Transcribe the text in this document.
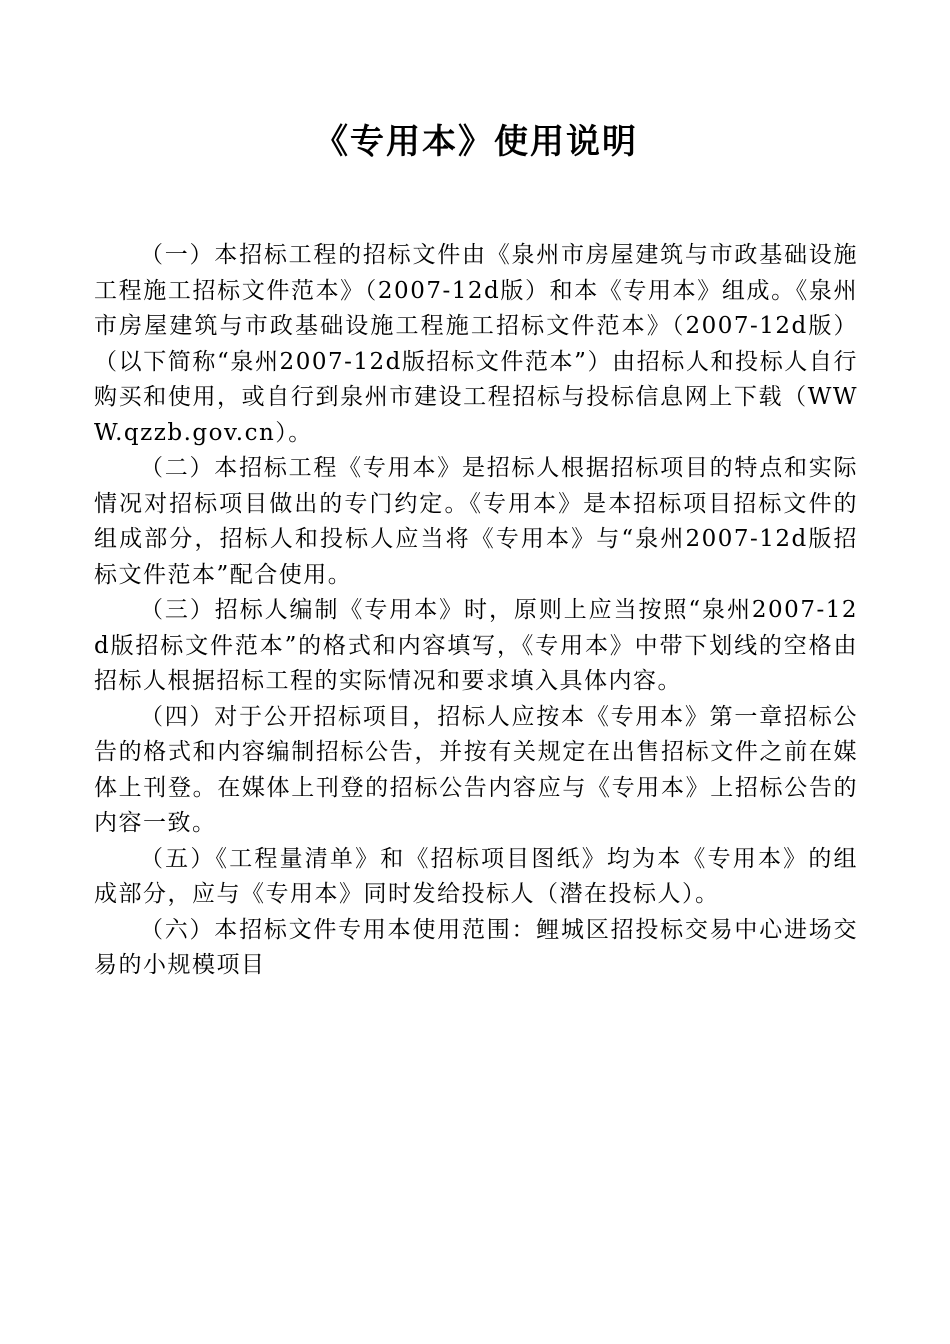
《专用本》使用说明

（一）本招标工程的招标文件由《泉州市房屋建筑与市政基础设施工程施工招标文件范本》（2007-12d版）和本《专用本》组成。《泉州市房屋建筑与市政基础设施工程施工招标文件范本》（2007-12d版）（以下简称“泉州2007-12d版招标文件范本”）由招标人和投标人自行购买和使用，或自行到泉州市建设工程招标与投标信息网上下载（WWW.qzzb.gov.cn）。

（二）本招标工程《专用本》是招标人根据招标项目的特点和实际情况对招标项目做出的专门约定。《专用本》是本招标项目招标文件的组成部分，招标人和投标人应当将《专用本》与“泉州2007-12d版招标文件范本”配合使用。

（三）招标人编制《专用本》时，原则上应当按照“泉州2007-12d版招标文件范本”的格式和内容填写，《专用本》中带下划线的空格由招标人根据招标工程的实际情况和要求填入具体内容。

（四）对于公开招标项目，招标人应按本《专用本》第一章招标公告的格式和内容编制招标公告，并按有关规定在出售招标文件之前在媒体上刊登。在媒体上刊登的招标公告内容应与《专用本》上招标公告的内容一致。

（五）《工程量清单》和《招标项目图纸》均为本《专用本》的组成部分，应与《专用本》同时发给投标人（潜在投标人）。

（六）本招标文件专用本使用范围：鲤城区招投标交易中心进场交易的小规模项目
